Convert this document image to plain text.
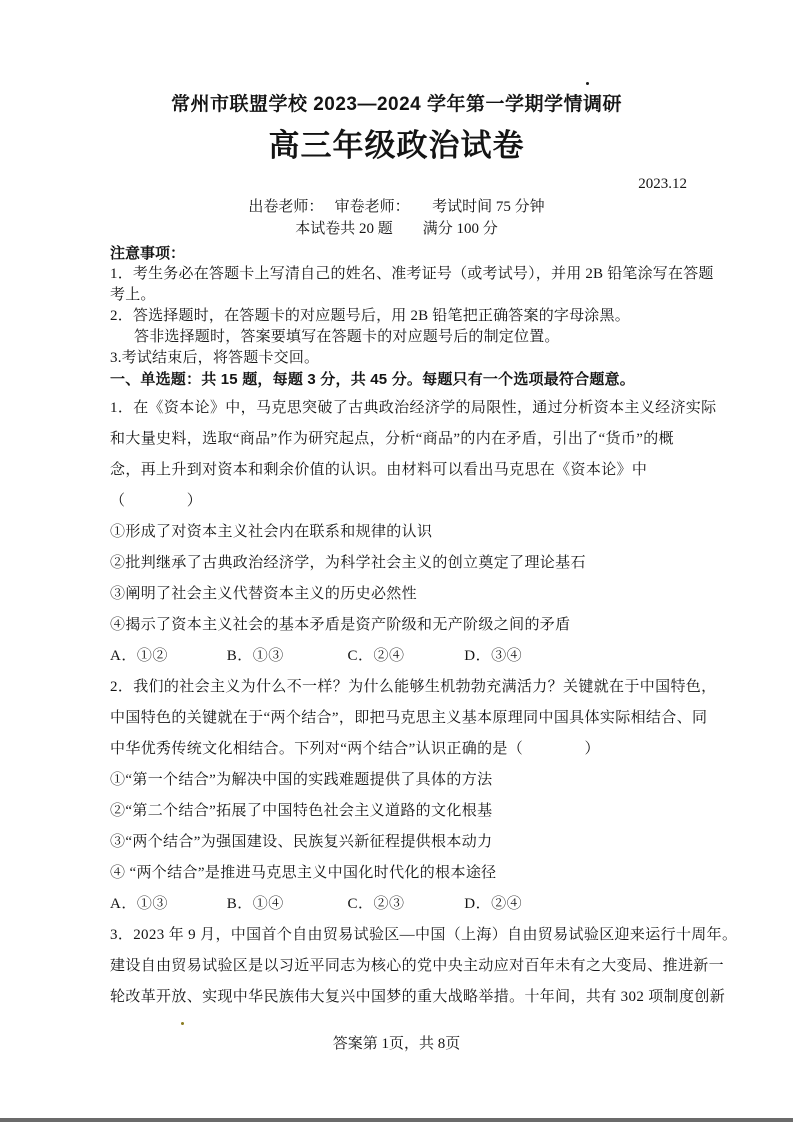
常州市联盟学校 2023—2024 学年第一学期学情调研
高三年级政治试卷
2023.12
出卷老师：　 审卷老师：　　考试时间 75 分钟
本试卷共 20 题　　满分 100 分
注意事项：
1．考生务必在答题卡上写清自己的姓名、准考证号（或考试号），并用 2B 铅笔涂写在答题
考上。
2．答选择题时，在答题卡的对应题号后，用 2B 铅笔把正确答案的字母涂黑。
答非选择题时，答案要填写在答题卡的对应题号后的制定位置。
3.考试结束后，将答题卡交回。
一、单选题：共 15 题，每题 3 分，共 45 分。每题只有一个选项最符合题意。
1．在《资本论》中，马克思突破了古典政治经济学的局限性，通过分析资本主义经济实际
和大量史料，选取“商品”作为研究起点，分析“商品”的内在矛盾，引出了“货币”的概
念，再上升到对资本和剩余价值的认识。由材料可以看出马克思在《资本论》中
（　　　　）
①形成了对资本主义社会内在联系和规律的认识
②批判继承了古典政治经济学，为科学社会主义的创立奠定了理论基石
③阐明了社会主义代替资本主义的历史必然性
④揭示了资本主义社会的基本矛盾是资产阶级和无产阶级之间的矛盾
A．①②	B．①③	C．②④	D．③④
2．我们的社会主义为什么不一样？为什么能够生机勃勃充满活力？关键就在于中国特色，
中国特色的关键就在于“两个结合”，即把马克思主义基本原理同中国具体实际相结合、同
中华优秀传统文化相结合。下列对“两个结合”认识正确的是（　　　　）
①“第一个结合”为解决中国的实践难题提供了具体的方法
②“第二个结合”拓展了中国特色社会主义道路的文化根基
③“两个结合”为强国建设、民族复兴新征程提供根本动力
④ “两个结合”是推进马克思主义中国化时代化的根本途径
A．①③	B．①④	C．②③	D．②④
3．2023 年 9 月，中国首个自由贸易试验区—中国（上海）自由贸易试验区迎来运行十周年。
建设自由贸易试验区是以习近平同志为核心的党中央主动应对百年未有之大变局、推进新一
轮改革开放、实现中华民族伟大复兴中国梦的重大战略举措。十年间，共有 302 项制度创新
答案第 1页，共 8页
